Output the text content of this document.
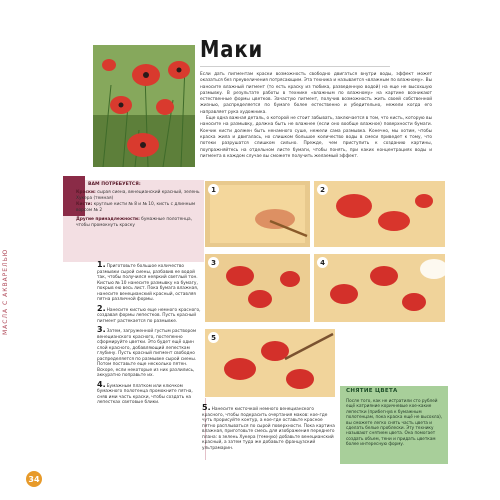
МАСЛА С АКВАРЕЛЬЮ
34
Маки

Если дать пигментам краски возможность свободно двигаться внутри воды, эффект может оказаться без преувеличения потрясающим. Эта техника и называется «влажным по влажному». Вы наносите влажный пигмент (то есть краску из тюбика, разведенную водой) на еще не высохшую размывку. В результате работы в технике «влажным по влажному» на картине возникают естественные формы цветков. Зачастую пигмент, получив возможность жить своей собственной жизнью, распределяется по бумаге более естественно и убедительно, нежели когда его направляет рука художника.

Еще одна важная деталь, о которой не стоит забывать, заключается в том, что кисть, которую вы наносите на размывку, должна быть не влажнее (если оно вообще влажное) поверхности бумаги. Кончик кисти должен быть ненамного суше, нежели сама размывка. Конечно, мы хотим, чтобы краска жила и двигалась, но слишком большое количество воды в смеси приведет к тому, что потеки разрушатся слишком сильно. Прежде, чем приступить к созданию картины, поупражняйтесь на отдельном листе бумаги, чтобы понять, при каких концентрациях воды и пигмента в каждом случае вы сможете получить желаемый эффект.

ВАМ ПОТРЕБУЕТСЯ:
Краски: сырая сиена, венецианский красный, зелень Хукера (темная)
Кисти: круглые кисти № 8 и № 10, кисть с длинным ворсом № 2
Другие принадлежности: бумажные полотенца, чтобы промокнуть краску
1.Приготовьте большое количество размывки сырой сиены, разбавив ее водой так, чтобы получился неяркий светлый тон. Кистью № 10 нанесите размывку на бумагу, покрыв ею весь лист. Пока бумага влажная, нанесите венецианский красный, оставляя пятна различной формы.
2.Нанесите кистью еще немного красного, создавая формы лепестков. Пусть красный пигмент растекается по размывке.
3.Затем, загруженной густым раствором венецианского красного, постепенно сформируйте цветки. Это будет ещё один слой красного, добавляющий лепесткам глубину. Пусть красный пигмент свободно распределяется по размывке сырой сиены. Потом поставьте еще несколько пятен. Вскоре, если некоторые из них разлились, аккуратно поправьте их.
4.Бумажным платком или ключком бумажного полотенца промокните пятна, сняв ими часть краски, чтобы создать на лепестках световые блики.
1	2
3	4
5
5.Нанесите кисточкой немного венецианского красного, чтобы подкрасить очертания маков: кое-где чуть прорисуйте контур, а кое-где оставьте красное пятно расплываться по сырой поверхности. Пока картина влажная, приготовьте смесь для изображения переднего плана: в зелень Хукера (темную) добавьте венецианский красный, а затем туда же добавьте французский ультрамарин.
СНЯТИЕ ЦВЕТА
После того, как не истратили сто рублей ещё катрияние коричневые кое-какие лепестки (прибегнув к бумажным полотенцам, пока краска ещё не высохла), вы сможете легко снять часть цвета и сделать белые проблески. Эту технику называют снятием цвета. Она помогает создать объем, тени и придать цветкам более интересную форму.
